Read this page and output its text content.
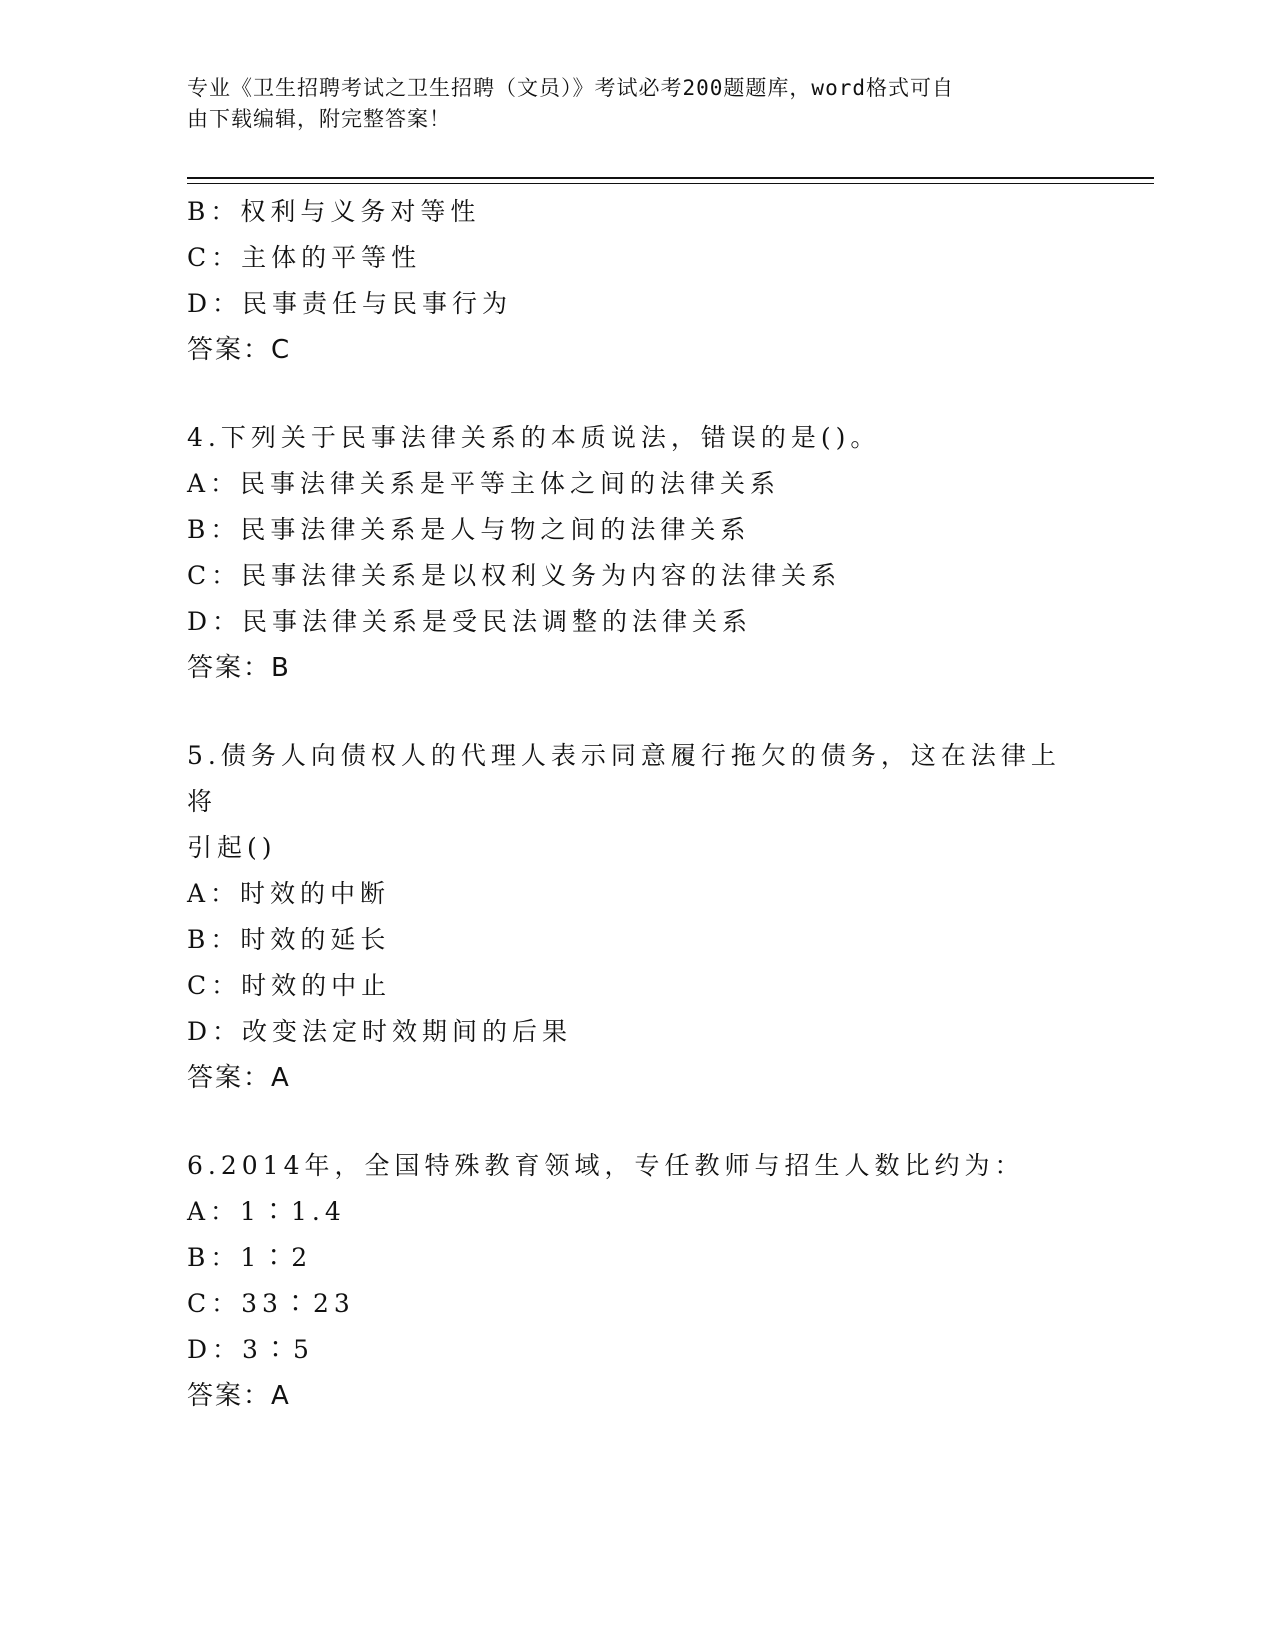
专业《卫生招聘考试之卫生招聘（文员）》考试必考200题题库，word格式可自
由下载编辑，附完整答案！
B：权利与义务对等性
C：主体的平等性
D：民事责任与民事行为
答案：C
4.下列关于民事法律关系的本质说法，错误的是()。
A：民事法律关系是平等主体之间的法律关系
B：民事法律关系是人与物之间的法律关系
C：民事法律关系是以权利义务为内容的法律关系
D：民事法律关系是受民法调整的法律关系
答案：B
5.债务人向债权人的代理人表示同意履行拖欠的债务，这在法律上将
引起()
A：时效的中断
B：时效的延长
C：时效的中止
D：改变法定时效期间的后果
答案：A
6.2014年，全国特殊教育领域，专任教师与招生人数比约为：
A：1∶1.4
B：1∶2
C：33∶23
D：3∶5
答案：A
